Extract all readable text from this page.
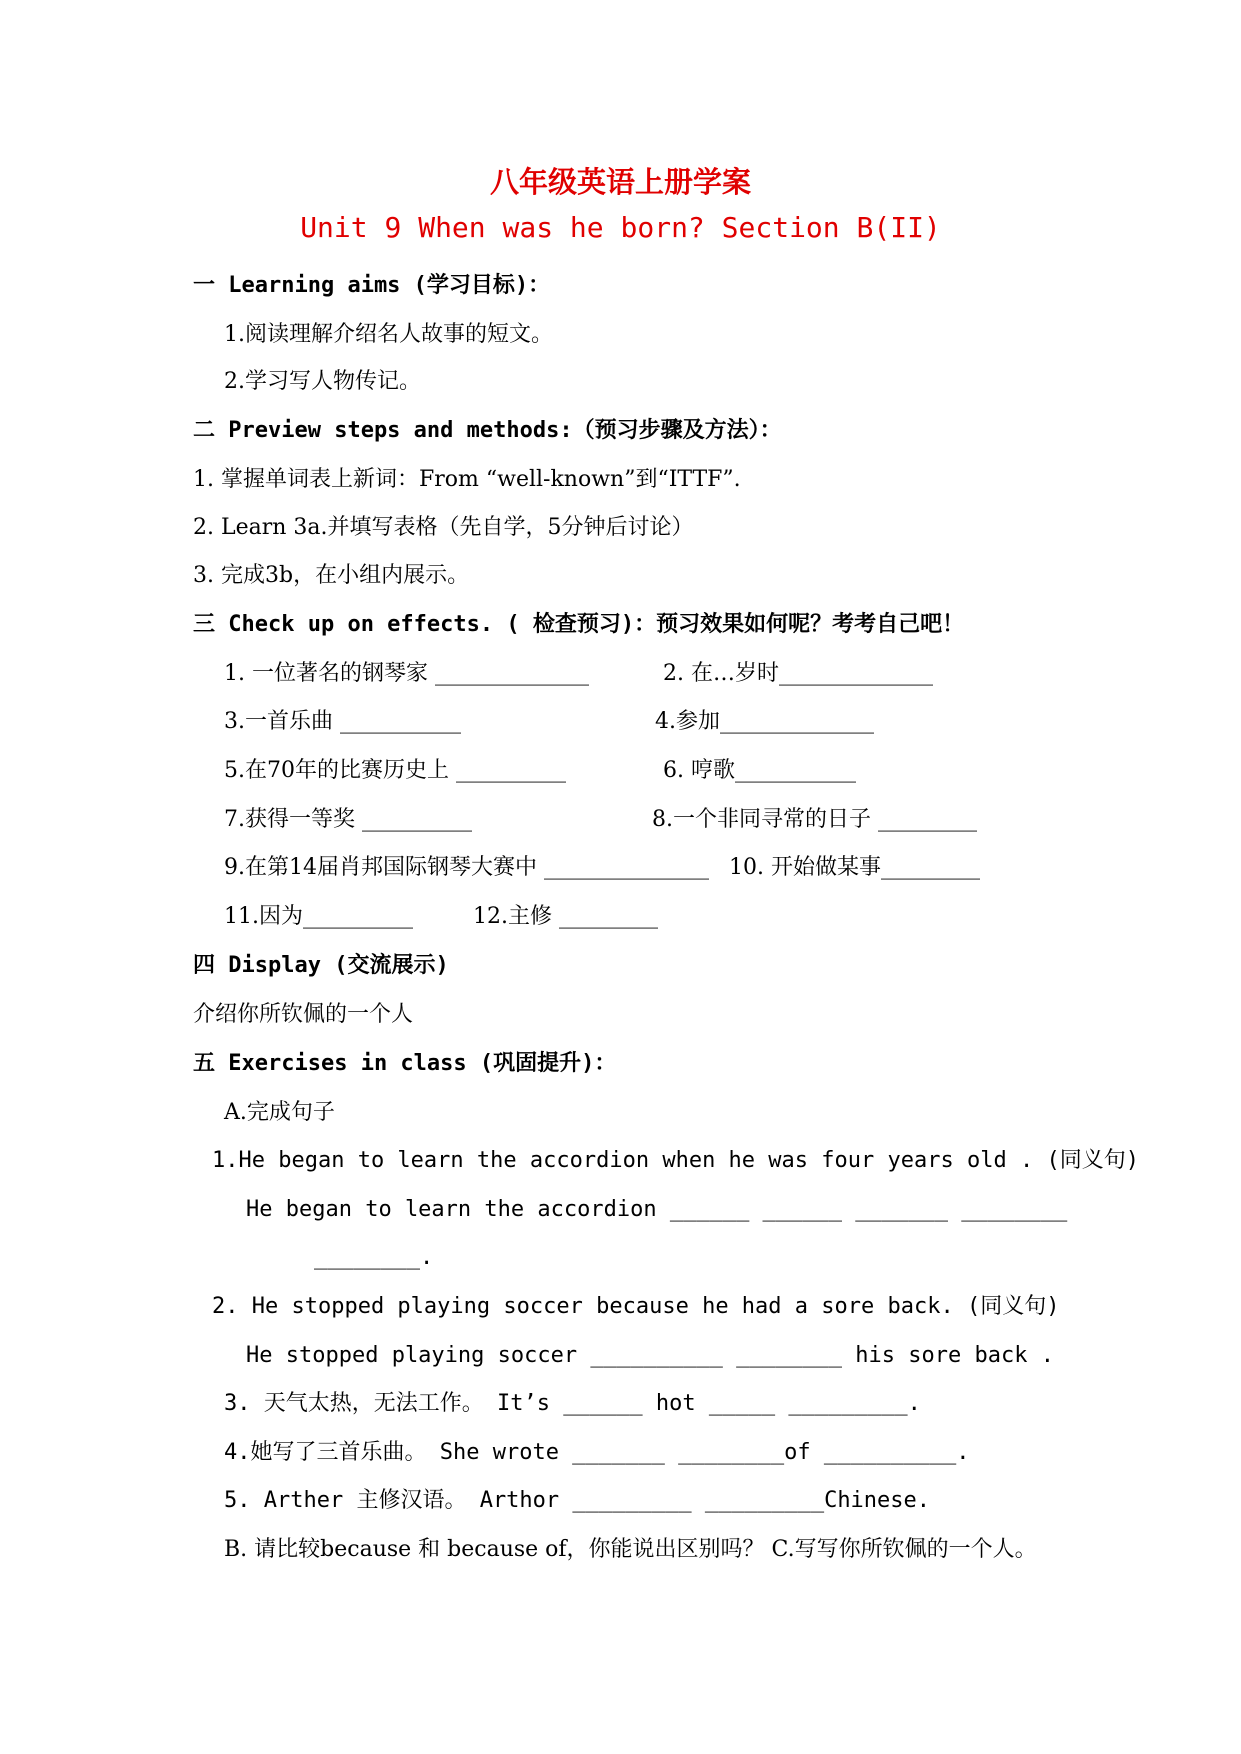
八年级英语上册学案
Unit 9 When was he born? Section B(II)
一 Learning aims (学习目标)：
1.阅读理解介绍名人故事的短文。
2.学习写人物传记。
二 Preview steps and methods:（预习步骤及方法）：
1. 掌握单词表上新词：From “well-known”到“ITTF”.
2. Learn 3a.并填写表格（先自学，5分钟后讨论）
3. 完成3b，在小组内展示。
三 Check up on effects. ( 检查预习)：预习效果如何呢？考考自己吧！
1. 一位著名的钢琴家 ______________	2. 在…岁时______________
3.一首乐曲 ___________	4.参加______________
5.在70年的比赛历史上 __________	6. 哼歌___________
7.获得一等奖 __________	8.一个非同寻常的日子 _________
9.在第14届肖邦国际钢琴大赛中 _______________ 10. 开始做某事_________
11.因为__________	12.主修 _________
四 Display (交流展示)
介绍你所钦佩的一个人
五 Exercises in class (巩固提升)：
A.完成句子
1.He began to learn the accordion when he was four years old . (同义句)
He began to learn the accordion ______ ______ _______ ________
________.
2. He stopped playing soccer because he had a sore back. (同义句)
He stopped playing soccer __________ ________ his sore back .
3. 天气太热，无法工作。 It’s ______ hot _____ _________.
4.她写了三首乐曲。 She wrote _______ ________of __________.
5. Arther 主修汉语。 Arthor _________ _________Chinese.
B. 请比较because 和 because of，你能说出区别吗？ C.写写你所钦佩的一个人。
